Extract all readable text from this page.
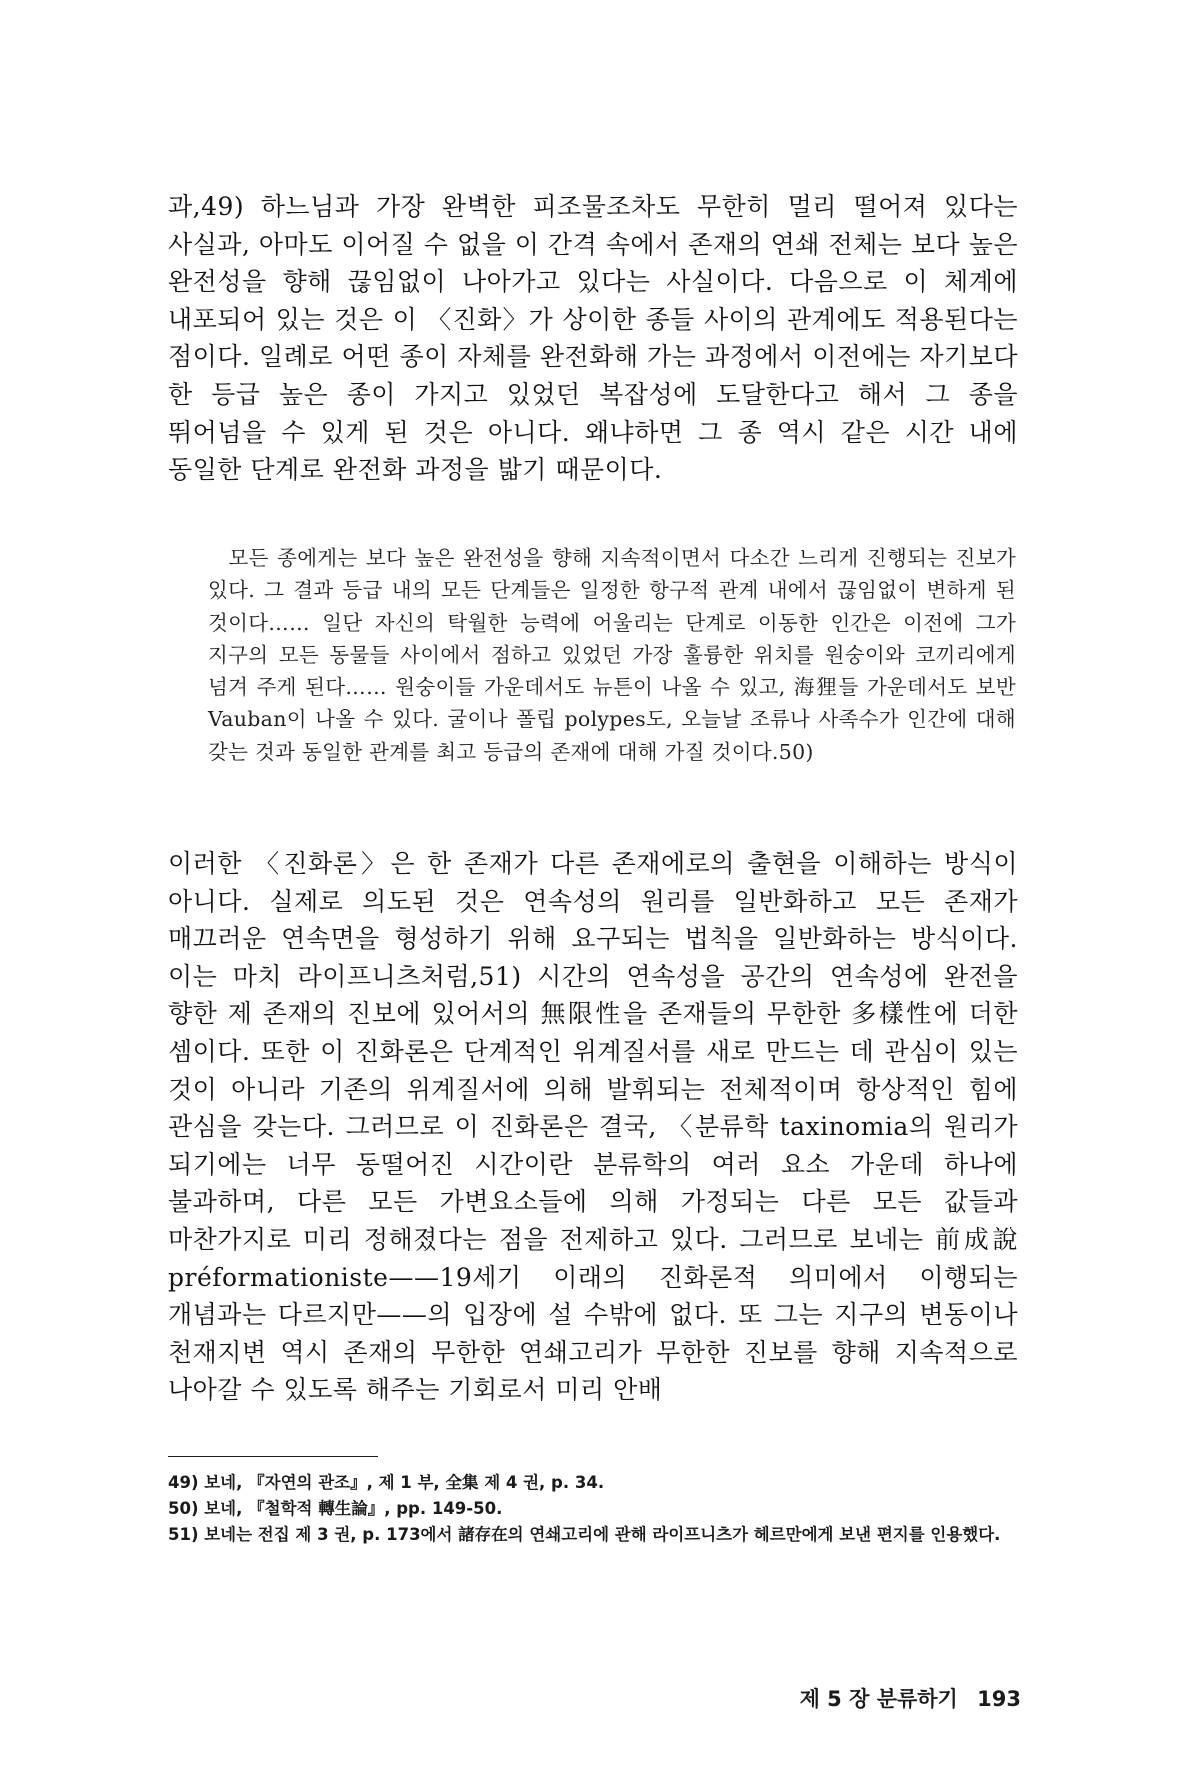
과,49) 하느님과 가장 완벽한 피조물조차도 무한히 멀리 떨어져 있다는 사실과, 아마도 이어질 수 없을 이 간격 속에서 존재의 연쇄 전체는 보다 높은 완전성을 향해 끊임없이 나아가고 있다는 사실이다. 다음으로 이 체계에 내포되어 있는 것은 이 〈진화〉가 상이한 종들 사이의 관계에도 적용된다는 점이다. 일례로 어떤 종이 자체를 완전화해 가는 과정에서 이전에는 자기보다 한 등급 높은 종이 가지고 있었던 복잡성에 도달한다고 해서 그 종을 뛰어넘을 수 있게 된 것은 아니다. 왜냐하면 그 종 역시 같은 시간 내에 동일한 단계로 완전화 과정을 밟기 때문이다.

모든 종에게는 보다 높은 완전성을 향해 지속적이면서 다소간 느리게 진행되는 진보가 있다. 그 결과 등급 내의 모든 단계들은 일정한 항구적 관계 내에서 끊임없이 변하게 된 것이다…… 일단 자신의 탁월한 능력에 어울리는 단계로 이동한 인간은 이전에 그가 지구의 모든 동물들 사이에서 점하고 있었던 가장 훌륭한 위치를 원숭이와 코끼리에게 넘겨 주게 된다…… 원숭이들 가운데서도 뉴튼이 나올 수 있고, 海狸들 가운데서도 보반 Vauban이 나올 수 있다. 굴이나 폴립 polypes도, 오늘날 조류나 사족수가 인간에 대해 갖는 것과 동일한 관계를 최고 등급의 존재에 대해 가질 것이다.50)

이러한 〈진화론〉은 한 존재가 다른 존재에로의 출현을 이해하는 방식이 아니다. 실제로 의도된 것은 연속성의 원리를 일반화하고 모든 존재가 매끄러운 연속면을 형성하기 위해 요구되는 법칙을 일반화하는 방식이다. 이는 마치 라이프니츠처럼,51) 시간의 연속성을 공간의 연속성에 완전을 향한 제 존재의 진보에 있어서의 無限性을 존재들의 무한한 多樣性에 더한 셈이다. 또한 이 진화론은 단계적인 위계질서를 새로 만드는 데 관심이 있는 것이 아니라 기존의 위계질서에 의해 발휘되는 전체적이며 항상적인 힘에 관심을 갖는다. 그러므로 이 진화론은 결국, 〈분류학 taxinomia의 원리가 되기에는 너무 동떨어진 시간이란 분류학의 여러 요소 가운데 하나에 불과하며, 다른 모든 가변요소들에 의해 가정되는 다른 모든 값들과 마찬가지로 미리 정해졌다는 점을 전제하고 있다. 그러므로 보네는 前成說 préformationiste——19세기 이래의 진화론적 의미에서 이행되는 개념과는 다르지만——의 입장에 설 수밖에 없다. 또 그는 지구의 변동이나 천재지변 역시 존재의 무한한 연쇄고리가 무한한 진보를 향해 지속적으로 나아갈 수 있도록 해주는 기회로서 미리 안배

49) 보네, 『자연의 관조』, 제 1 부, 全集 제 4 권, p. 34.

50) 보네, 『철학적 轉生論』, pp. 149-50.

51) 보네는 전집 제 3 권, p. 173에서 諸存在의 연쇄고리에 관해 라이프니츠가 헤르만에게 보낸 편지를 인용했다.

제 5 장 분류하기 193
